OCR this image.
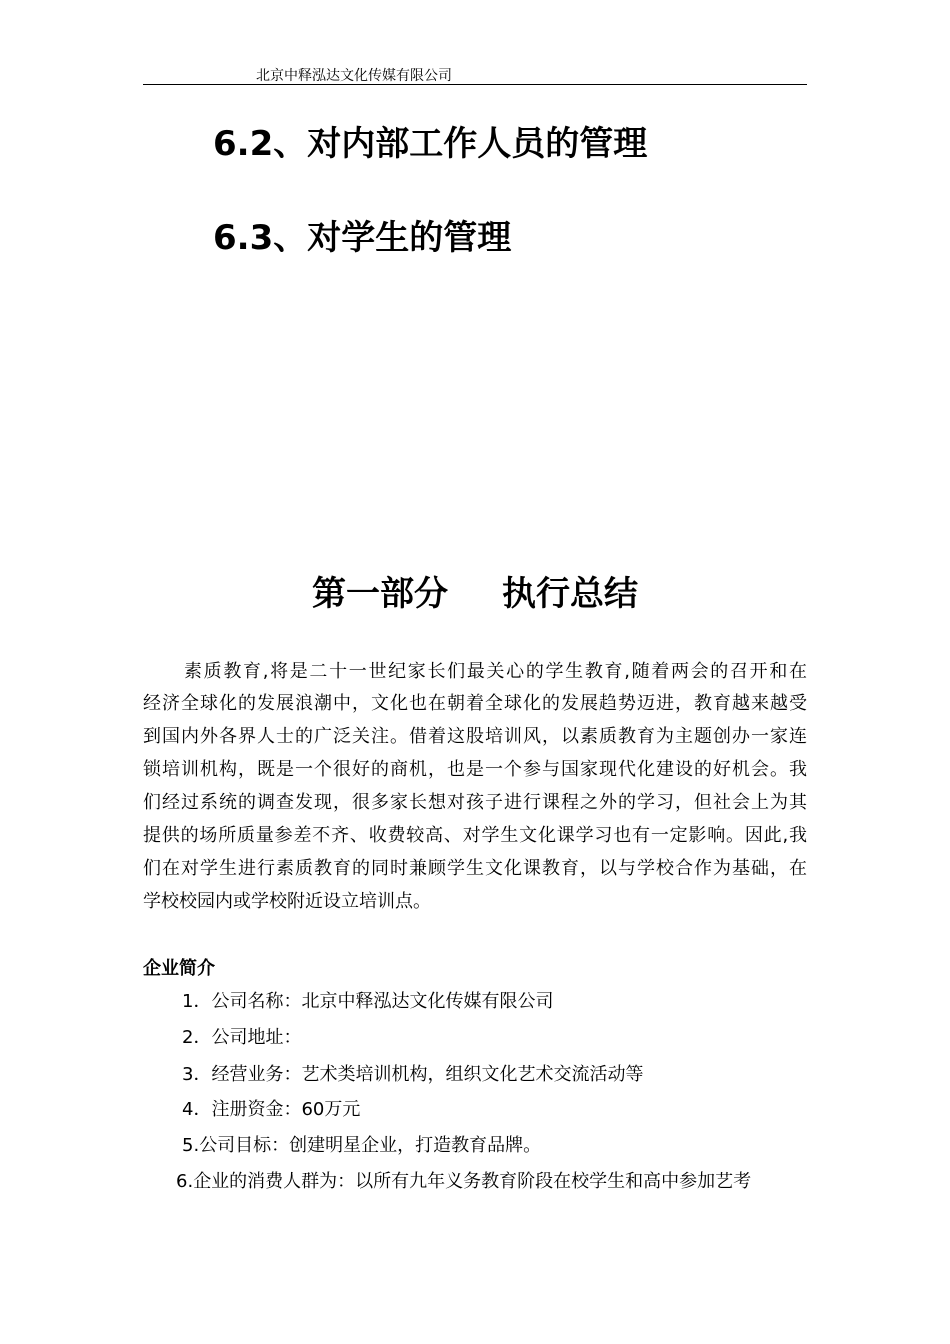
北京中释泓达文化传媒有限公司
6.2、对内部工作人员的管理
6.3、对学生的管理
第一部分 执行总结
素质教育,将是二十一世纪家长们最关心的学生教育,随着两会的召开和在
经济全球化的发展浪潮中，文化也在朝着全球化的发展趋势迈进，教育越来越受
到国内外各界人士的广泛关注。借着这股培训风，以素质教育为主题创办一家连
锁培训机构，既是一个很好的商机，也是一个参与国家现代化建设的好机会。我
们经过系统的调查发现，很多家长想对孩子进行课程之外的学习，但社会上为其
提供的场所质量参差不齐、收费较高、对学生文化课学习也有一定影响。因此,我
们在对学生进行素质教育的同时兼顾学生文化课教育，以与学校合作为基础，在
学校校园内或学校附近设立培训点。
企业简介
1．公司名称：北京中释泓达文化传媒有限公司
2．公司地址：
3．经营业务：艺术类培训机构，组织文化艺术交流活动等
4．注册资金：60万元
5.公司目标：创建明星企业，打造教育品牌。
6.企业的消费人群为：以所有九年义务教育阶段在校学生和高中参加艺考
